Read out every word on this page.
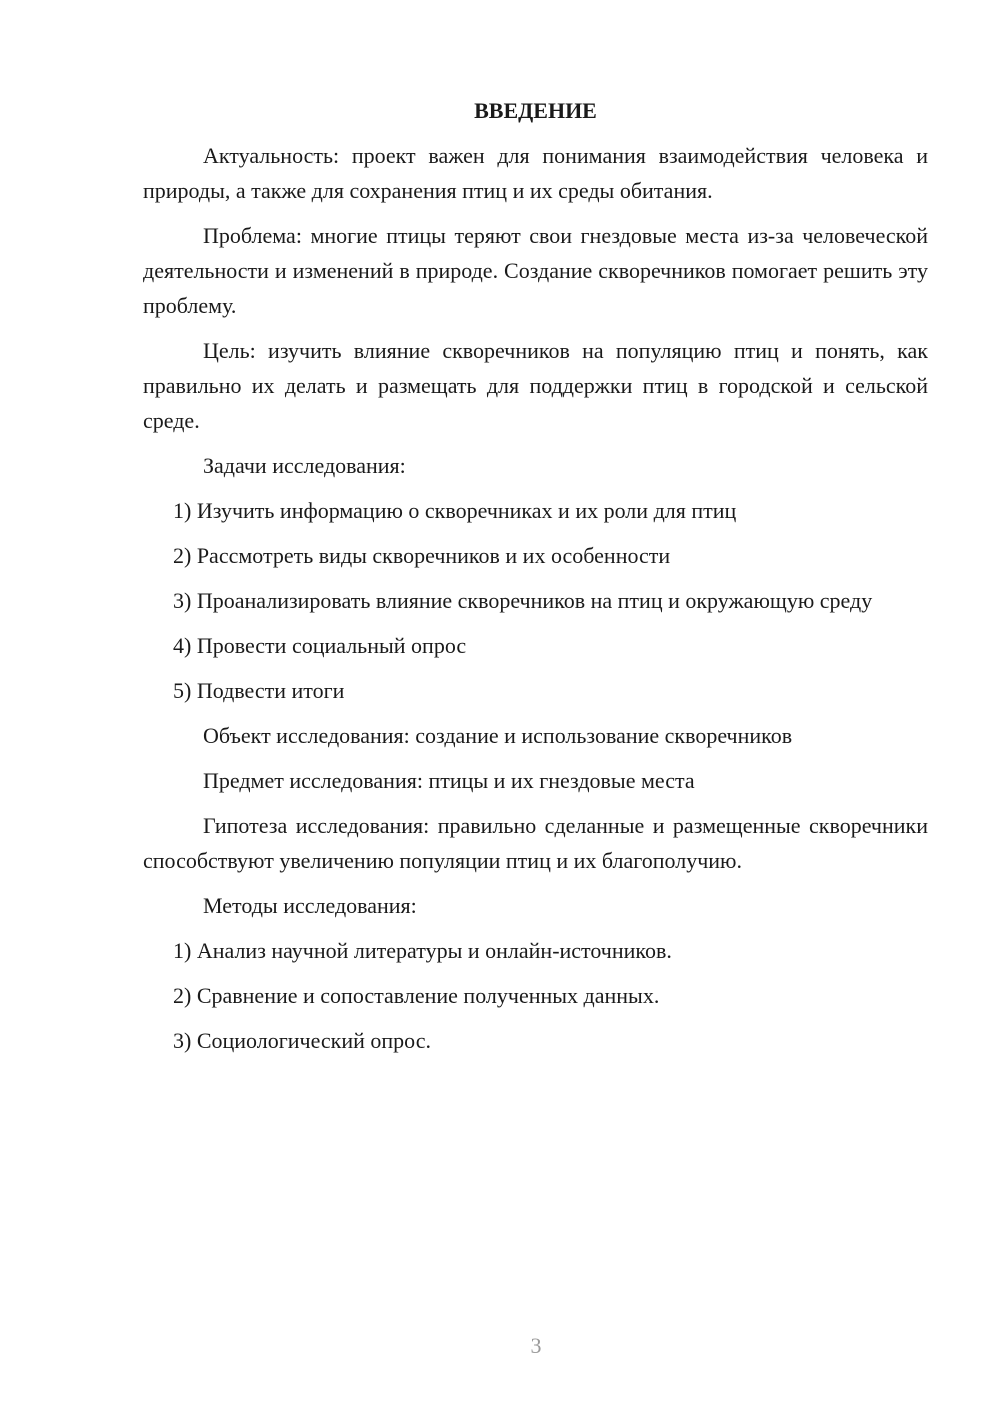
ВВЕДЕНИЕ

Актуальность: проект важен для понимания взаимодействия человека и природы, а также для сохранения птиц и их среды обитания.

Проблема: многие птицы теряют свои гнездовые места из-за человеческой деятельности и изменений в природе. Создание скворечников помогает решить эту проблему.

Цель: изучить влияние скворечников на популяцию птиц и понять, как правильно их делать и размещать для поддержки птиц в городской и сельской среде.

Задачи исследования:

1) Изучить информацию о скворечниках и их роли для птиц

2) Рассмотреть виды скворечников и их особенности

3) Проанализировать влияние скворечников на птиц и окружающую среду

4) Провести социальный опрос

5) Подвести итоги

Объект исследования: создание и использование скворечников

Предмет исследования: птицы и их гнездовые места

Гипотеза исследования: правильно сделанные и размещенные скворечники способствуют увеличению популяции птиц и их благополучию.

Методы исследования:

1) Анализ научной литературы и онлайн-источников.

2) Сравнение и сопоставление полученных данных.

3) Социологический опрос.

3
